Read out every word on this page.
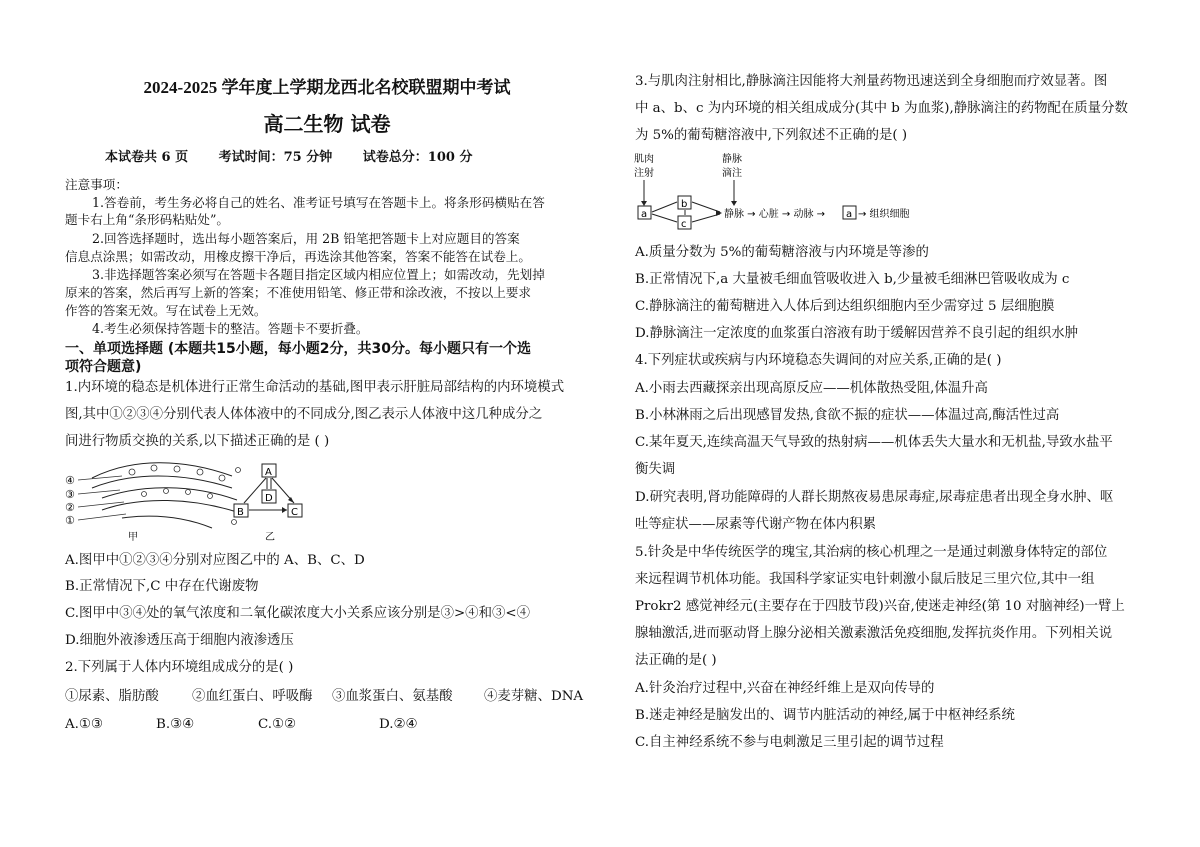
2024-2025 学年度上学期龙西北名校联盟期中考试
高二生物 试卷
本试卷共 6 页 考试时间：75 分钟 试卷总分：100 分
注意事项：
1.答卷前，考生务必将自己的姓名、准考证号填写在答题卡上。将条形码横贴在答
题卡右上角“条形码粘贴处”。
2.回答选择题时，选出每小题答案后，用 2B 铅笔把答题卡上对应题目的答案
信息点涂黑；如需改动，用橡皮擦干净后，再选涂其他答案，答案不能答在试卷上。
3.非选择题答案必须写在答题卡各题目指定区域内相应位置上；如需改动，先划掉
原来的答案，然后再写上新的答案；不准使用铅笔、修正带和涂改液，不按以上要求
作答的答案无效。写在试卷上无效。
4.考生必须保持答题卡的整洁。答题卡不要折叠。
一、单项选择题 (本题共15小题，每小题2分，共30分。每小题只有一个选
项符合题意)
1.内环境的稳态是机体进行正常生命活动的基础,图甲表示肝脏局部结构的内环境模式
图,其中①②③④分别代表人体体液中的不同成分,图乙表示人体液中这几种成分之
间进行物质交换的关系,以下描述正确的是 ( )
④
③
②
①
甲
A
D
B	C
乙
A.图甲中①②③④分别对应图乙中的 A、B、C、D
B.正常情况下,C 中存在代谢废物
C.图甲中③④处的氧气浓度和二氧化碳浓度大小关系应该分别是③>④和③<④
D.细胞外液渗透压高于细胞内液渗透压
2.下列属于人体内环境组成成分的是( )
①尿素、脂肪酸 ②血红蛋白、呼吸酶 ③血浆蛋白、氨基酸 ④麦芽糖、DNA
A.①③	B.③④	C.①②	D.②④
3.与肌肉注射相比,静脉滴注因能将大剂量药物迅速送到全身细胞而疗效显著。图
中 a、b、c 为内环境的相关组成成分(其中 b 为血浆),静脉滴注的药物配在质量分数
为 5%的葡萄糖溶液中,下列叙述不正确的是( )
肌肉
注射
静脉
滴注
a
b
c
静脉 → 心脏 → 动脉 → a → 组织细胞
A.质量分数为 5%的葡萄糖溶液与内环境是等渗的
B.正常情况下,a 大量被毛细血管吸收进入 b,少量被毛细淋巴管吸收成为 c
C.静脉滴注的葡萄糖进入人体后到达组织细胞内至少需穿过 5 层细胞膜
D.静脉滴注一定浓度的血浆蛋白溶液有助于缓解因营养不良引起的组织水肿
4.下列症状或疾病与内环境稳态失调间的对应关系,正确的是( )
A.小雨去西藏探亲出现高原反应——机体散热受阻,体温升高
B.小林淋雨之后出现感冒发热,食欲不振的症状——体温过高,酶活性过高
C.某年夏天,连续高温天气导致的热射病——机体丢失大量水和无机盐,导致水盐平
衡失调
D.研究表明,肾功能障碍的人群长期熬夜易患尿毒症,尿毒症患者出现全身水肿、呕
吐等症状——尿素等代谢产物在体内积累
5.针灸是中华传统医学的瑰宝,其治病的核心机理之一是通过刺激身体特定的部位
来远程调节机体功能。我国科学家证实电针刺激小鼠后肢足三里穴位,其中一组
Prokr2 感觉神经元(主要存在于四肢节段)兴奋,使迷走神经(第 10 对脑神经)一臂上
腺轴激活,进而驱动肾上腺分泌相关激素激活免疫细胞,发挥抗炎作用。下列相关说
法正确的是( )
A.针灸治疗过程中,兴奋在神经纤维上是双向传导的
B.迷走神经是脑发出的、调节内脏活动的神经,属于中枢神经系统
C.自主神经系统不参与电刺激足三里引起的调节过程
